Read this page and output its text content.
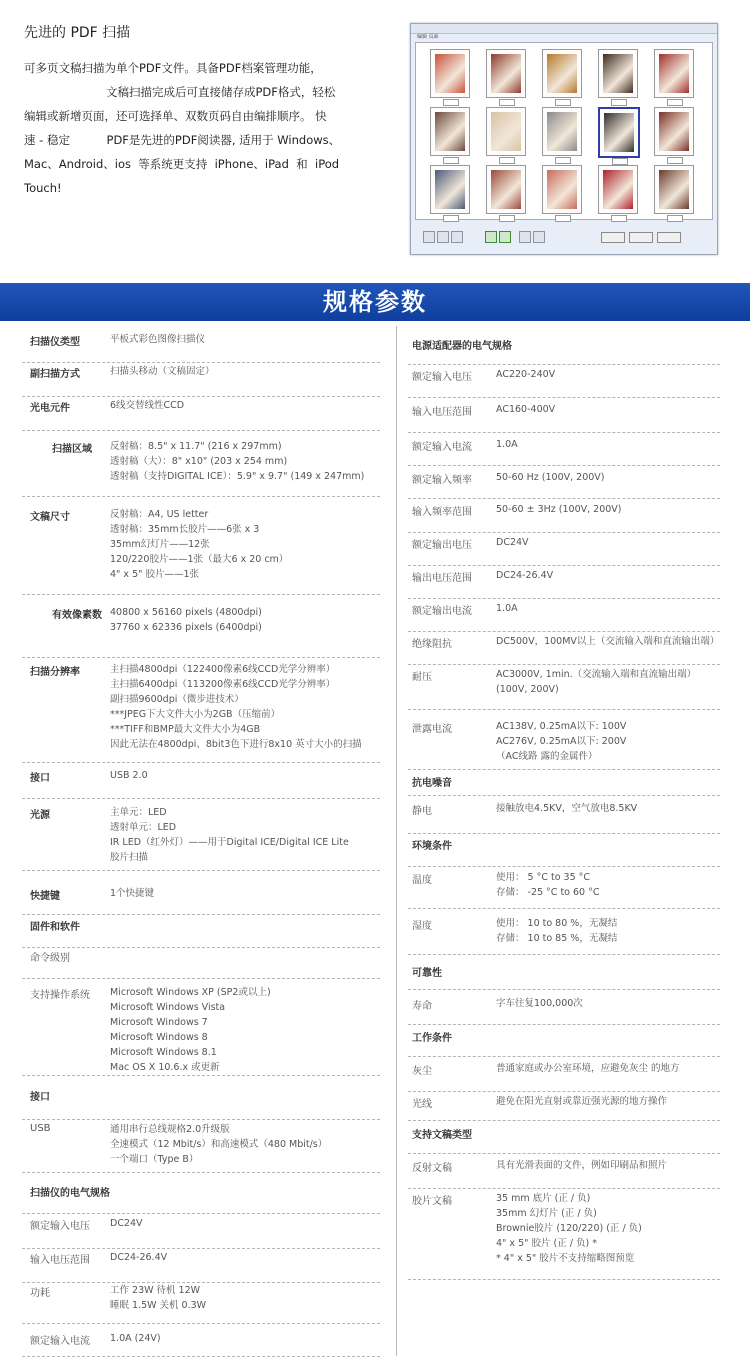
先进的 PDF 扫描

可多页文稿扫描为单个PDF文件。具备PDF档案管理功能，

文稿扫描完成后可直接储存成PDF格式，轻松

编辑或新增页面，还可选择单、双数页码自由编排顺序。 快

速 - 稳定          PDF是先进的PDF阅读器, 适用于 Windows、

Mac、Android、ios  等系统更支持  iPhone、iPad  和  iPod

Touch!

编辑 页面
规格参数
扫描仪类型	平板式彩色图像扫描仪
副扫描方式	扫描头移动（文稿固定）
光电元件	6线交替线性CCD
扫描区域 反射稿：8.5" x 11.7" (216 x 297mm)
透射稿（大）：8" x10" (203 x 254 mm)
透射稿（支持DIGITAL ICE）：5.9" x 9.7" (149 x 247mm)
文稿尺寸	反射稿：A4, US letter
透射稿：35mm长胶片——6张 x 3
35mm幻灯片——12张
120/220胶片——1张（最大6 x 20 cm）
4" x 5" 胶片——1张
有效像素数 40800 x 56160 pixels (4800dpi)
37760 x 62336 pixels (6400dpi)
扫描分辨率	主扫描4800dpi（122400像素6线CCD光学分辨率）
主扫描6400dpi（113200像素6线CCD光学分辨率）
副扫描9600dpi（微步进技术）
***JPEG下大文件大小为2GB（压缩前）
***TIFF和BMP最大文件大小为4GB
因此无法在4800dpi、8bit3色下进行8x10 英寸大小的扫描
接口	USB 2.0
光源	主单元：LED
透射单元：LED
IR LED（红外灯）——用于Digital ICE/Digital ICE Lite
胶片扫描
快捷键	1个快捷键
固件和软件
命令级别
支持操作系统 Microsoft Windows XP (SP2或以上)
Microsoft Windows Vista
Microsoft Windows 7
Microsoft Windows 8
Microsoft Windows 8.1
Mac OS X 10.6.x 或更新
接口
USB	通用串行总线规格2.0升级版
全速模式（12 Mbit/s）和高速模式（480 Mbit/s）
一个端口（Type B）
扫描仪的电气规格
额定输入电压 DC24V
输入电压范围 DC24-26.4V
功耗	工作 23W 待机 12W
睡眠 1.5W 关机 0.3W
额定输入电流 1.0A (24V)
电源适配器的电气规格
额定输入电压	AC220-240V
输入电压范围	AC160-400V
额定输入电流	1.0A
额定输入频率	50-60 Hz (100V, 200V)
输入频率范围	50-60 ± 3Hz (100V, 200V)
额定输出电压	DC24V
输出电压范围	DC24-26.4V
额定输出电流	1.0A
绝缘阻抗	DC500V，100MV以上（交流输入端和直流输出端）
耐压	AC3000V, 1min.（交流输入端和直流输出端）
(100V, 200V)
泄露电流	AC138V, 0.25mA以下: 100V
AC276V, 0.25mA以下: 200V
（AC线路 露的金属件）
抗电噪音
静电	接触放电4.5KV，空气放电8.5KV
环境条件
温度	使用： 5 °C to 35 °C
存储： -25 °C to 60 °C
湿度	使用： 10 to 80 %，无凝结
存储： 10 to 85 %，无凝结
可靠性
寿命	字车往复100,000次
工作条件
灰尘	普通家庭或办公室环境，应避免灰尘 的地方
光线	避免在阳光直射或靠近强光源的地方操作
支持文稿类型
反射文稿	具有光滑表面的文件，例如印刷品和照片
胶片文稿	35 mm 底片 (正 / 负)
35mm 幻灯片 (正 / 负)
Brownie胶片 (120/220) (正 / 负)
4" x 5" 胶片 (正 / 负) *
* 4" x 5" 胶片不支持缩略图预览
